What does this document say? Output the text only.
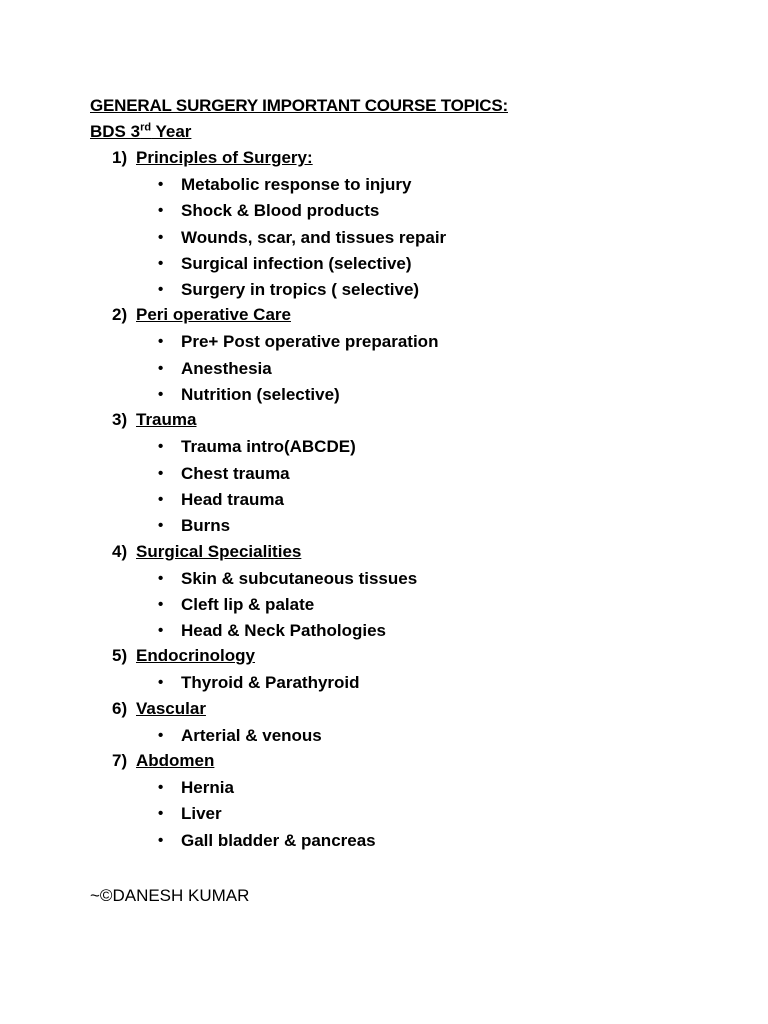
GENERAL SURGERY IMPORTANT COURSE TOPICS:
BDS 3rd Year
1) Principles of Surgery:
•	Metabolic response to injury
•	Shock & Blood products
•	Wounds, scar, and tissues repair
•	Surgical infection (selective)
•	Surgery in tropics ( selective)
2) Peri operative Care
•	Pre+ Post operative preparation
•	Anesthesia
•	Nutrition (selective)
3) Trauma
•	Trauma intro(ABCDE)
•	Chest trauma
•	Head trauma
•	Burns
4) Surgical Specialities
•	Skin & subcutaneous tissues
•	Cleft lip & palate
•	Head & Neck Pathologies
5) Endocrinology
•	Thyroid & Parathyroid
6) Vascular
•	Arterial & venous
7) Abdomen
•	Hernia
•	Liver
•	Gall bladder & pancreas
~©DANESH KUMAR
